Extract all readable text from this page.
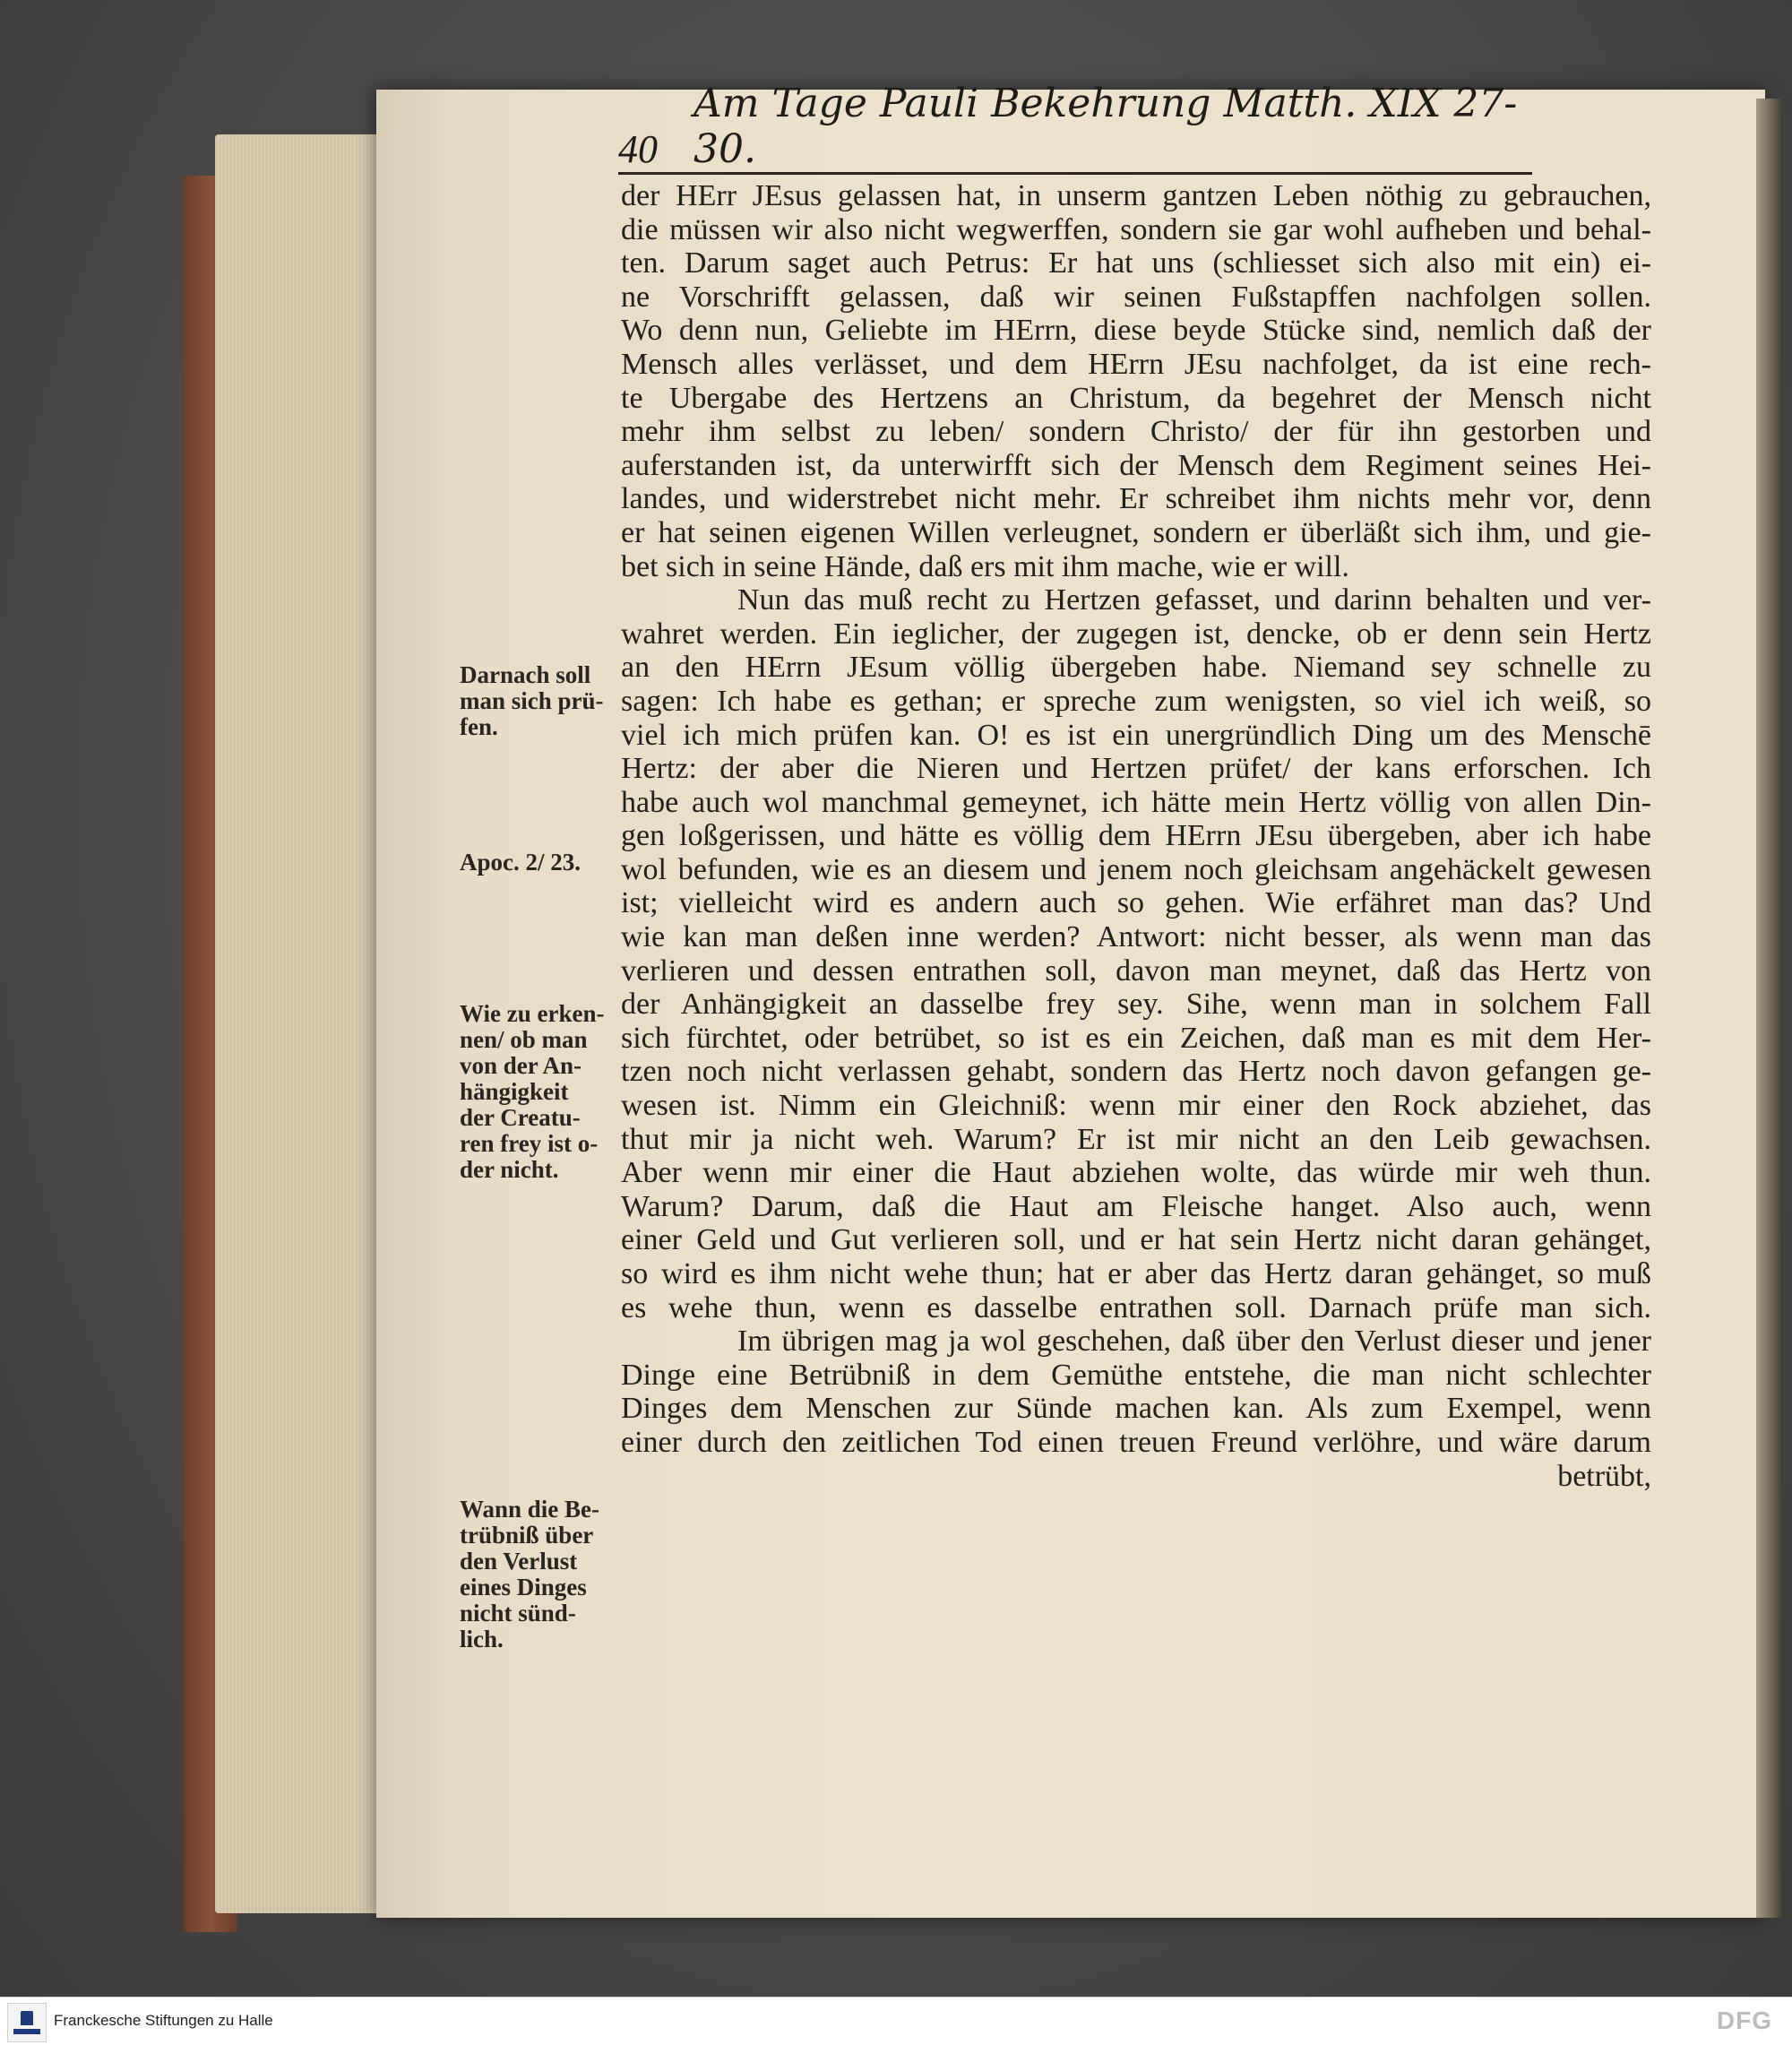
40
Am Tage Pauli Bekehrung Matth. XIX 27-30.
der HErr JEsus gelassen hat, in unserm gantzen Leben nöthig zu gebrauchen,
die müssen wir also nicht wegwerffen, sondern sie gar wohl aufheben und behal-
ten. Darum saget auch Petrus: Er hat uns (schliesset sich also mit ein) ei-
ne Vorschrifft gelassen, daß wir seinen Fußstapffen nachfolgen sollen.
Wo denn nun, Geliebte im HErrn, diese beyde Stücke sind, nemlich daß der
Mensch alles verlässet, und dem HErrn JEsu nachfolget, da ist eine rech-
te Ubergabe des Hertzens an Christum, da begehret der Mensch nicht
mehr ihm selbst zu leben/ sondern Christo/ der für ihn gestorben und
auferstanden ist, da unterwirfft sich der Mensch dem Regiment seines Hei-
landes, und widerstrebet nicht mehr. Er schreibet ihm nichts mehr vor, denn
er hat seinen eigenen Willen verleugnet, sondern er überläßt sich ihm, und gie-
bet sich in seine Hände, daß ers mit ihm mache, wie er will.
Nun das muß recht zu Hertzen gefasset, und darinn behalten und ver-
wahret werden. Ein ieglicher, der zugegen ist, dencke, ob er denn sein Hertz
an den HErrn JEsum völlig übergeben habe. Niemand sey schnelle zu
sagen: Ich habe es gethan; er spreche zum wenigsten, so viel ich weiß, so
viel ich mich prüfen kan. O! es ist ein unergründlich Ding um des Menschē
Hertz: der aber die Nieren und Hertzen prüfet/ der kans erforschen. Ich
habe auch wol manchmal gemeynet, ich hätte mein Hertz völlig von allen Din-
gen loßgerissen, und hätte es völlig dem HErrn JEsu übergeben, aber ich habe
wol befunden, wie es an diesem und jenem noch gleichsam angehäckelt gewesen
ist; vielleicht wird es andern auch so gehen. Wie erfähret man das? Und
wie kan man deßen inne werden? Antwort: nicht besser, als wenn man das
verlieren und dessen entrathen soll, davon man meynet, daß das Hertz von
der Anhängigkeit an dasselbe frey sey. Sihe, wenn man in solchem Fall
sich fürchtet, oder betrübet, so ist es ein Zeichen, daß man es mit dem Her-
tzen noch nicht verlassen gehabt, sondern das Hertz noch davon gefangen ge-
wesen ist. Nimm ein Gleichniß: wenn mir einer den Rock abziehet, das
thut mir ja nicht weh. Warum? Er ist mir nicht an den Leib gewachsen.
Aber wenn mir einer die Haut abziehen wolte, das würde mir weh thun.
Warum? Darum, daß die Haut am Fleische hanget. Also auch, wenn
einer Geld und Gut verlieren soll, und er hat sein Hertz nicht daran gehänget,
so wird es ihm nicht wehe thun; hat er aber das Hertz daran gehänget, so muß
es wehe thun, wenn es dasselbe entrathen soll. Darnach prüfe man sich.
Im übrigen mag ja wol geschehen, daß über den Verlust dieser und jener
Dinge eine Betrübniß in dem Gemüthe entstehe, die man nicht schlechter
Dinges dem Menschen zur Sünde machen kan. Als zum Exempel, wenn
einer durch den zeitlichen Tod einen treuen Freund verlöhre, und wäre darum
betrübt,
Darnach soll
man sich prü-
fen.
Apoc. 2/ 23.
Wie zu erken-
nen/ ob man
von der An-
hängigkeit
der Creatu-
ren frey ist o-
der nicht.
Wann die Be-
trübniß über
den Verlust
eines Dinges
nicht sünd-
lich.
Franckesche Stiftungen zu Halle	DFG
